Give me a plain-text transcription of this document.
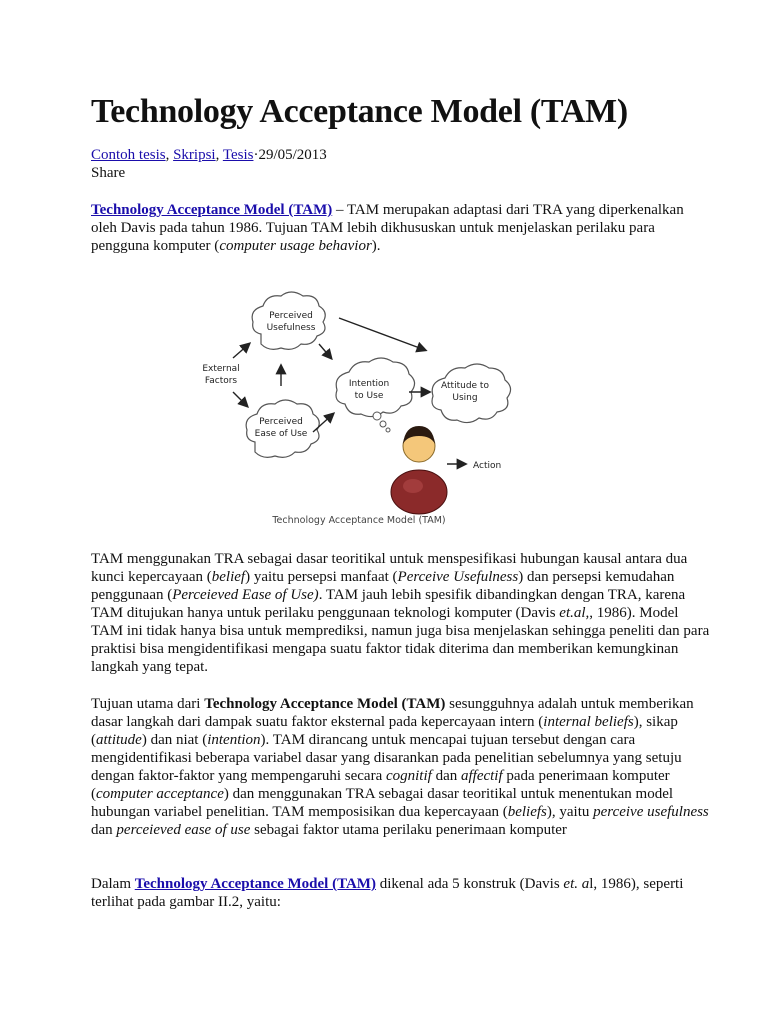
Technology Acceptance Model (TAM)
Contoh tesis, Skripsi, Tesis·29/05/2013
Share

Technology Acceptance Model (TAM) – TAM merupakan adaptasi dari TRA yang diperkenalkan oleh Davis pada tahun 1986. Tujuan TAM lebih dikhususkan untuk menjelaskan perilaku para pengguna komputer (computer usage behavior).

Perceived
Usefulness
Perceived
Ease of Use
Intention
to Use
Attitude to
Using
External
Factors
Action
Technology Acceptance Model (TAM)

TAM menggunakan TRA sebagai dasar teoritikal untuk menspesifikasi hubungan kausal antara dua kunci kepercayaan (belief) yaitu persepsi manfaat (Perceive Usefulness) dan persepsi kemudahan penggunaan (Perceieved Ease of Use). TAM jauh lebih spesifik dibandingkan dengan TRA, karena TAM ditujukan hanya untuk perilaku penggunaan teknologi komputer (Davis et.al,, 1986). Model TAM ini tidak hanya bisa untuk memprediksi, namun juga bisa menjelaskan sehingga peneliti dan para praktisi bisa mengidentifikasi mengapa suatu faktor tidak diterima dan memberikan kemungkinan langkah yang tepat.

Tujuan utama dari Technology Acceptance Model (TAM) sesungguhnya adalah untuk memberikan dasar langkah dari dampak suatu faktor eksternal pada kepercayaan intern (internal beliefs), sikap (attitude) dan niat (intention). TAM dirancang untuk mencapai tujuan tersebut dengan cara mengidentifikasi beberapa variabel dasar yang disarankan pada penelitian sebelumnya yang setuju dengan faktor-faktor yang mempengaruhi secara cognitif dan affectif pada penerimaan komputer (computer acceptance) dan menggunakan TRA sebagai dasar teoritikal untuk menentukan model hubungan variabel penelitian. TAM memposisikan dua kepercayaan (beliefs), yaitu perceive usefulness dan perceieved ease of use sebagai faktor utama perilaku penerimaan komputer

Dalam Technology Acceptance Model (TAM) dikenal ada 5 konstruk (Davis et. al, 1986), seperti terlihat pada gambar II.2, yaitu:
